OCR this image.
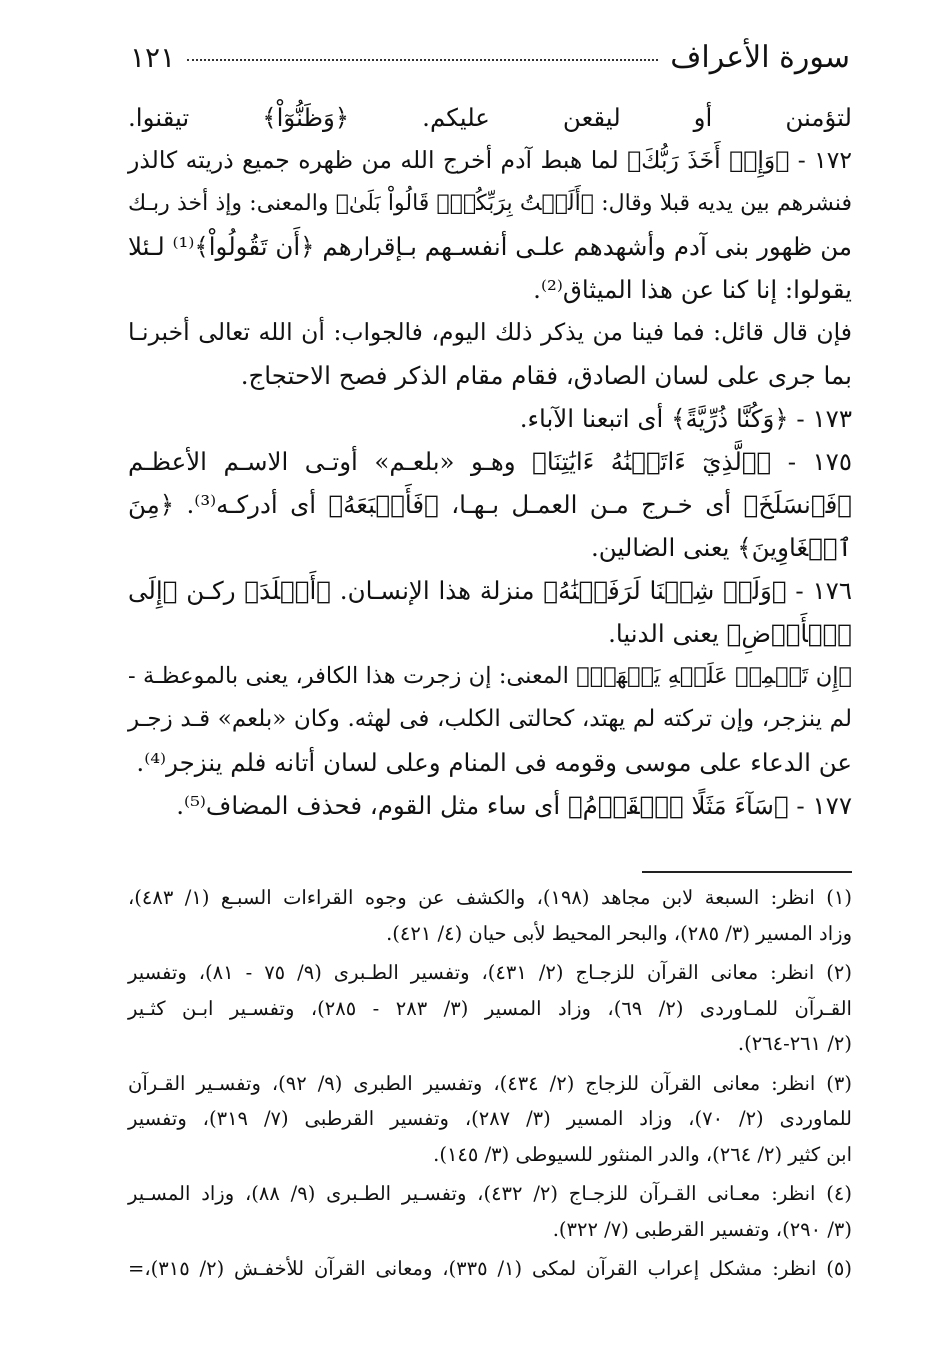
سورة الأعراف
١٢١
لتؤمنن أو ليقعن عليكم. ﴿وَظَنُّوٓاْ﴾ تيقنوا.
١٧٢ - ﴿وَإِذۡ أَخَذَ رَبُّكَ﴾ لما هبط آدم أخرج الله من ظهره جميع ذريته كالذر
فنشرهم بين يديه قبلا وقال: ﴿أَلَسۡتُ بِرَبِّكُمۡۖ قَالُواْ بَلَىٰ﴾ والمعنى: وإذ أخذ ربـك
من ظهور بنى آدم وأشهدهم علـى أنفسـهم بـإقرارهم ﴿أَن تَقُولُواْ﴾⁽¹⁾ لـئلا
يقولوا: إنا كنا عن هذا الميثاق⁽²⁾.
فإن قال قائل: فما فينا من يذكر ذلك اليوم، فالجواب: أن الله تعالى أخبرنـا
بما جرى على لسان الصادق، فقام مقام الذكر فصح الاحتجاج.
١٧٣ - ﴿وَكُنَّا ذُرِّيَّةً﴾ أى اتبعنا الآباء.
١٧٥ - ﴿ٱلَّذِيٓ ءَاتَيۡنَٰهُ ءَايَٰتِنَا﴾ وهـو «بلعـم» أوتـى الاسـم الأعظـم
﴿فَٱنسَلَخَ﴾ أى خـرج مـن العمـل بـهـا، ﴿فَأَتۡبَعَهُ﴾ أى أدركـه⁽³⁾. ﴿مِنَ
ٱلۡغَاوِينَ﴾ يعنى الضالين.
١٧٦ - ﴿وَلَوۡ شِئۡنَا لَرَفَعۡنَٰهُ﴾ منزلة هذا الإنسـان. ﴿أَخۡلَدَ﴾ ركـن ﴿إِلَى
ٱلۡأَرۡضِ﴾ يعنى الدنيا.
﴿إِن تَحۡمِلۡ عَلَيۡهِ يَلۡهَثۡ﴾ المعنى: إن زجرت هذا الكافر، يعنى بالموعظـة -
لم ينزجر، وإن تركته لم يهتد، كحالتى الكلب، فى لهثه. وكان «بلعم» قـد زجـر
عن الدعاء على موسى وقومه فى المنام وعلى لسان أتانه فلم ينزجر⁽⁴⁾.
١٧٧ - ﴿سَآءَ مَثَلًا ٱلۡقَوۡمُ﴾ أى ساء مثل القوم، فحذف المضاف⁽⁵⁾.
(١) انظر: السبعة لابن مجاهد (١٩٨)، والكشف عن وجوه القراءات السبـع (١/ ٤٨٣)،
وزاد المسير (٣/ ٢٨٥)، والبحر المحيط لأبى حيان (٤/ ٤٢١).
(٢) انظر: معانى القرآن للزجـاج (٢/ ٤٣١)، وتفسير الطـبرى (٩/ ٧٥ - ٨١)، وتفسير
القـرآن للمـاوردى (٢/ ٦٩)، وزاد المسير (٣/ ٢٨٣ - ٢٨٥)، وتفسـير ابـن كثـير
(٢/ ٢٦١-٢٦٤).
(٣) انظر: معانى القرآن للزجاج (٢/ ٤٣٤)، وتفسير الطبرى (٩/ ٩٢)، وتفسـير القـرآن
للماوردى (٢/ ٧٠)، وزاد المسير (٣/ ٢٨٧)، وتفسير القرطبى (٧/ ٣١٩)، وتفسير
ابن كثير (٢/ ٢٦٤)، والدر المنثور للسيوطى (٣/ ١٤٥).
(٤) انظر: معـانى القـرآن للزجـاج (٢/ ٤٣٢)، وتفسـير الطـبرى (٩/ ٨٨)، وزاد المسـير
(٣/ ٢٩٠)، وتفسير القرطبى (٧/ ٣٢٢).
(٥) انظر: مشكل إعراب القرآن لمكى (١/ ٣٣٥)، ومعانى القرآن للأخفـش (٢/ ٣١٥)،=
